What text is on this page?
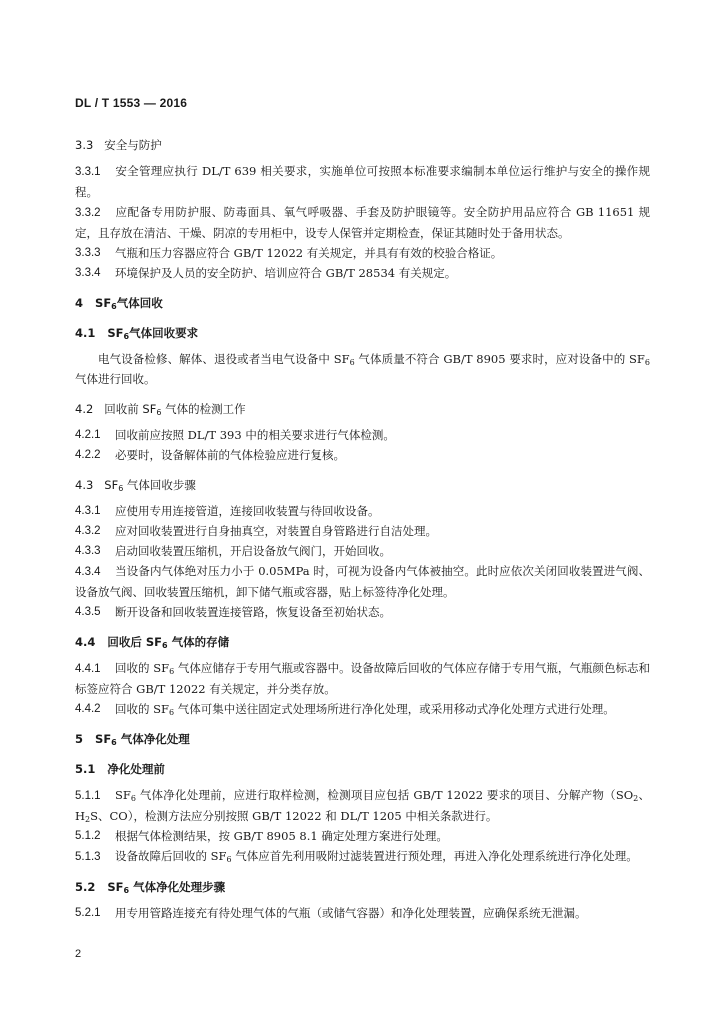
DL / T 1553 — 2016
3.3 安全与防护
3.3.1 安全管理应执行 DL/T 639 相关要求，实施单位可按照本标准要求编制本单位运行维护与安全的操作规程。
3.3.2 应配备专用防护服、防毒面具、氧气呼吸器、手套及防护眼镜等。安全防护用品应符合 GB 11651 规定，且存放在清洁、干燥、阴凉的专用柜中，设专人保管并定期检查，保证其随时处于备用状态。
3.3.3 气瓶和压力容器应符合 GB/T 12022 有关规定，并具有有效的校验合格证。
3.3.4 环境保护及人员的安全防护、培训应符合 GB/T 28534 有关规定。
4 $SF_6$气体回收
4.1 $SF_6$气体回收要求
电气设备检修、解体、退役或者当电气设备中 $SF_6$ 气体质量不符合 GB/T 8905 要求时，应对设备中的 $SF_6$ 气体进行回收。
4.2 回收前 $SF_6$ 气体的检测工作
4.2.1 回收前应按照 DL/T 393 中的相关要求进行气体检测。
4.2.2 必要时，设备解体前的气体检验应进行复核。
4.3 $SF_6$ 气体回收步骤
4.3.1 应使用专用连接管道，连接回收装置与待回收设备。
4.3.2 应对回收装置进行自身抽真空，对装置自身管路进行自洁处理。
4.3.3 启动回收装置压缩机，开启设备放气阀门，开始回收。
4.3.4 当设备内气体绝对压力小于 0.05MPa 时，可视为设备内气体被抽空。此时应依次关闭回收装置进气阀、设备放气阀、回收装置压缩机，卸下储气瓶或容器，贴上标签待净化处理。
4.3.5 断开设备和回收装置连接管路，恢复设备至初始状态。
4.4 回收后 $SF_6$ 气体的存储
4.4.1 回收的 $SF_6$ 气体应储存于专用气瓶或容器中。设备故障后回收的气体应存储于专用气瓶，气瓶颜色标志和标签应符合 GB/T 12022 有关规定，并分类存放。
4.4.2 回收的 $SF_6$ 气体可集中送往固定式处理场所进行净化处理，或采用移动式净化处理方式进行处理。
5 $SF_6$ 气体净化处理
5.1 净化处理前
5.1.1 $SF_6$ 气体净化处理前，应进行取样检测，检测项目应包括 GB/T 12022 要求的项目、分解产物（$SO_2$、$H_2S$、CO），检测方法应分别按照 GB/T 12022 和 DL/T 1205 中相关条款进行。
5.1.2 根据气体检测结果，按 GB/T 8905 8.1 确定处理方案进行处理。
5.1.3 设备故障后回收的 $SF_6$ 气体应首先利用吸附过滤装置进行预处理，再进入净化处理系统进行净化处理。
5.2 $SF_6$ 气体净化处理步骤
5.2.1 用专用管路连接充有待处理气体的气瓶（或储气容器）和净化处理装置，应确保系统无泄漏。
2
